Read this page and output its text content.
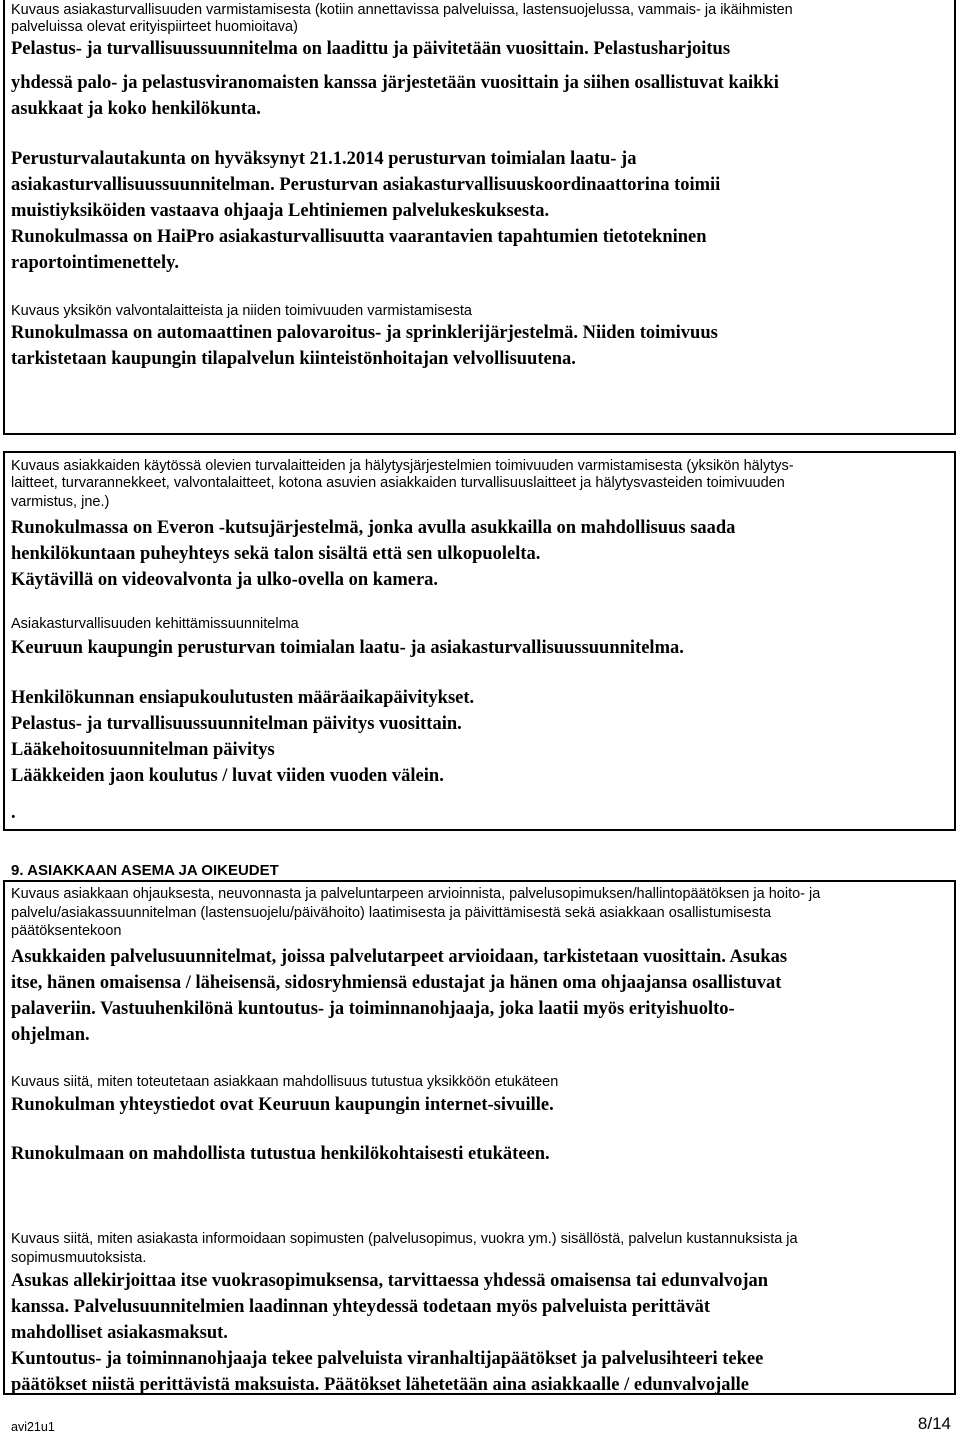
Kuvaus asiakasturvallisuuden varmistamisesta (kotiin annettavissa palveluissa, lastensuojelussa, vammais- ja ikäihmisten
palveluissa olevat erityispiirteet huomioitava)
Pelastus- ja turvallisuussuunnitelma on laadittu ja päivitetään vuosittain. Pelastusharjoitus
yhdessä palo- ja pelastusviranomaisten kanssa järjestetään vuosittain ja siihen osallistuvat kaikki
asukkaat ja koko henkilökunta.
Perusturvalautakunta on hyväksynyt 21.1.2014 perusturvan toimialan laatu- ja
asiakasturvallisuussuunnitelman. Perusturvan asiakasturvallisuuskoordinaattorina toimii
muistiyksiköiden vastaava ohjaaja Lehtiniemen palvelukeskuksesta.
Runokulmassa on HaiPro asiakasturvallisuutta vaarantavien tapahtumien tietotekninen
raportointimenettely.
Kuvaus yksikön valvontalaitteista ja niiden toimivuuden varmistamisesta
Runokulmassa on automaattinen palovaroitus- ja sprinklerijärjestelmä. Niiden toimivuus
tarkistetaan kaupungin tilapalvelun kiinteistönhoitajan velvollisuutena.
Kuvaus asiakkaiden käytössä olevien turvalaitteiden ja hälytysjärjestelmien toimivuuden varmistamisesta (yksikön hälytys-
laitteet, turvarannekkeet, valvontalaitteet, kotona asuvien asiakkaiden turvallisuuslaitteet ja hälytysvasteiden toimivuuden
varmistus, jne.)
Runokulmassa on Everon -kutsujärjestelmä, jonka avulla asukkailla on mahdollisuus saada
henkilökuntaan puheyhteys sekä talon sisältä että sen ulkopuolelta.
Käytävillä on videovalvonta ja ulko-ovella on kamera.
Asiakasturvallisuuden kehittämissuunnitelma
Keuruun kaupungin perusturvan toimialan laatu- ja asiakasturvallisuussuunnitelma.
Henkilökunnan ensiapukoulutusten määräaikapäivitykset.
Pelastus- ja turvallisuussuunnitelman päivitys vuosittain.
Lääkehoitosuunnitelman päivitys
Lääkkeiden jaon koulutus / luvat viiden vuoden välein.
.
9. ASIAKKAAN ASEMA JA OIKEUDET
Kuvaus asiakkaan ohjauksesta, neuvonnasta ja palveluntarpeen arvioinnista, palvelusopimuksen/hallintopäätöksen ja hoito- ja
palvelu/asiakassuunnitelman (lastensuojelu/päivähoito) laatimisesta ja päivittämisestä sekä asiakkaan osallistumisesta
päätöksentekoon
Asukkaiden palvelusuunnitelmat, joissa palvelutarpeet arvioidaan, tarkistetaan vuosittain. Asukas
itse, hänen omaisensa / läheisensä, sidosryhmiensä edustajat ja hänen oma ohjaajansa osallistuvat
palaveriin. Vastuuhenkilönä kuntoutus- ja toiminnanohjaaja, joka laatii myös erityishuolto-
ohjelman.
Kuvaus siitä, miten toteutetaan asiakkaan mahdollisuus tutustua yksikköön etukäteen
Runokulman yhteystiedot ovat Keuruun kaupungin internet-sivuille.
Runokulmaan on mahdollista tutustua henkilökohtaisesti etukäteen.
Kuvaus siitä, miten asiakasta informoidaan sopimusten (palvelusopimus, vuokra ym.) sisällöstä, palvelun kustannuksista ja
sopimusmuutoksista.
Asukas allekirjoittaa itse vuokrasopimuksensa, tarvittaessa yhdessä omaisensa tai edunvalvojan
kanssa. Palvelusuunnitelmien laadinnan yhteydessä todetaan myös palveluista perittävät
mahdolliset asiakasmaksut.
Kuntoutus- ja toiminnanohjaaja tekee palveluista viranhaltijapäätökset ja palvelusihteeri tekee
päätökset niistä perittävistä maksuista. Päätökset lähetetään aina asiakkaalle / edunvalvojalle
avi21u1	8/14
